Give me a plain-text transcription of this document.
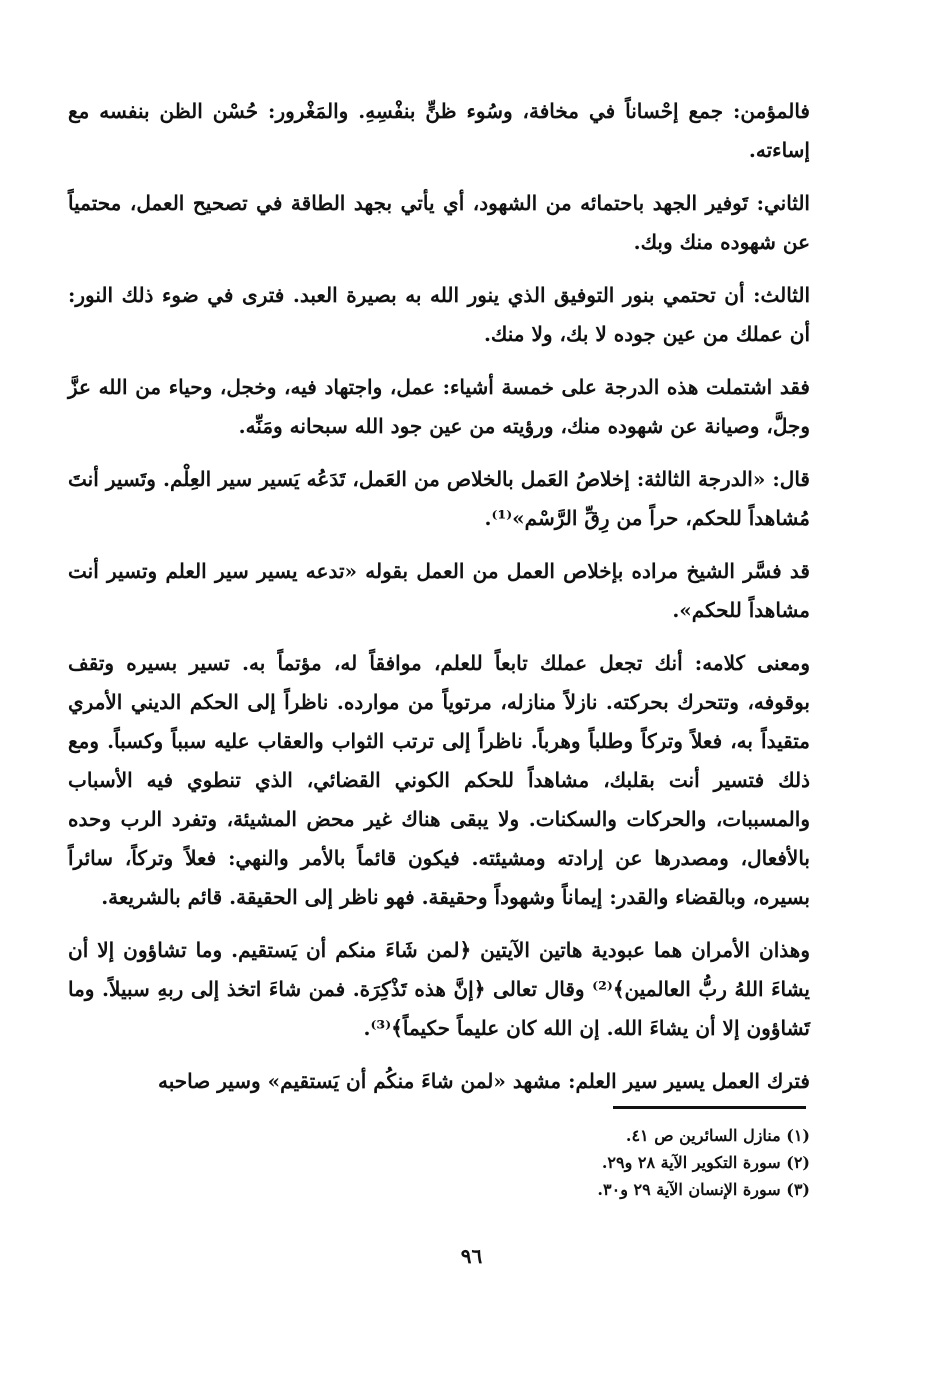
فالمؤمن: جمع إحْساناً في مخافة، وسُوء ظنٍّ بنفْسِهِ. والمَغْرور: حُسْن الظن بنفسه مع إساءته.

الثاني: تَوفير الجهد باحتمائه من الشهود، أي يأتي بجهد الطاقة في تصحيح العمل، محتمياً عن شهوده منك وبك.

الثالث: أن تحتمي بنور التوفيق الذي ينور الله به بصيرة العبد. فترى في ضوء ذلك النور: أن عملك من عين جوده لا بك، ولا منك.

فقد اشتملت هذه الدرجة على خمسة أشياء: عمل، واجتهاد فيه، وخجل، وحياء من الله عزَّ وجلَّ، وصيانة عن شهوده منك، ورؤيته من عين جود الله سبحانه ومَنِّه.

قال: «الدرجة الثالثة: إخلاصُ العَمل بالخلاص من العَمل، تَدَعُه يَسير سير العِلْم. وتَسير أنتَ مُشاهداً للحكم، حراً من رِقِّ الرَّسْم»⁽¹⁾.

قد فسَّر الشيخ مراده بإخلاص العمل من العمل بقوله «تدعه يسير سير العلم وتسير أنت مشاهداً للحكم».

ومعنى كلامه: أنك تجعل عملك تابعاً للعلم، موافقاً له، مؤتماً به. تسير بسيره وتقف بوقوفه، وتتحرك بحركته. نازلاً منازله، مرتوياً من موارده. ناظراً إلى الحكم الديني الأمري متقيداً به، فعلاً وتركاً وطلباً وهرباً. ناظراً إلى ترتب الثواب والعقاب عليه سبباً وكسباً. ومع ذلك فتسير أنت بقلبك، مشاهداً للحكم الكوني القضائي، الذي تنطوي فيه الأسباب والمسببات، والحركات والسكنات. ولا يبقى هناك غير محض المشيئة، وتفرد الرب وحده بالأفعال، ومصدرها عن إرادته ومشيئته. فيكون قائماً بالأمر والنهي: فعلاً وتركاً، سائراً بسيره، وبالقضاء والقدر: إيماناً وشهوداً وحقيقة. فهو ناظر إلى الحقيقة. قائم بالشريعة.

وهذان الأمران هما عبودية هاتين الآيتين ﴿لمن شَاءَ منكم أن يَستقيم. وما تشاؤون إلا أن يشاءَ اللهُ ربُّ العالمين﴾⁽²⁾ وقال تعالى ﴿إنَّ هذه تَذْكِرَة. فمن شاءَ اتخذ إلى ربهِ سبيلاً. وما تَشاؤون إلا أن يشاءَ الله. إن الله كان عليماً حكيماً﴾⁽³⁾.

فترك العمل يسير سير العلم: مشهد «لمن شاءَ منكُم أن يَستقيم» وسير صاحبه

(١) منازل السائرين ص ٤١.

(٢) سورة التكوير الآية ٢٨ و٢٩.

(٣) سورة الإنسان الآية ٢٩ و٣٠.

٩٦
